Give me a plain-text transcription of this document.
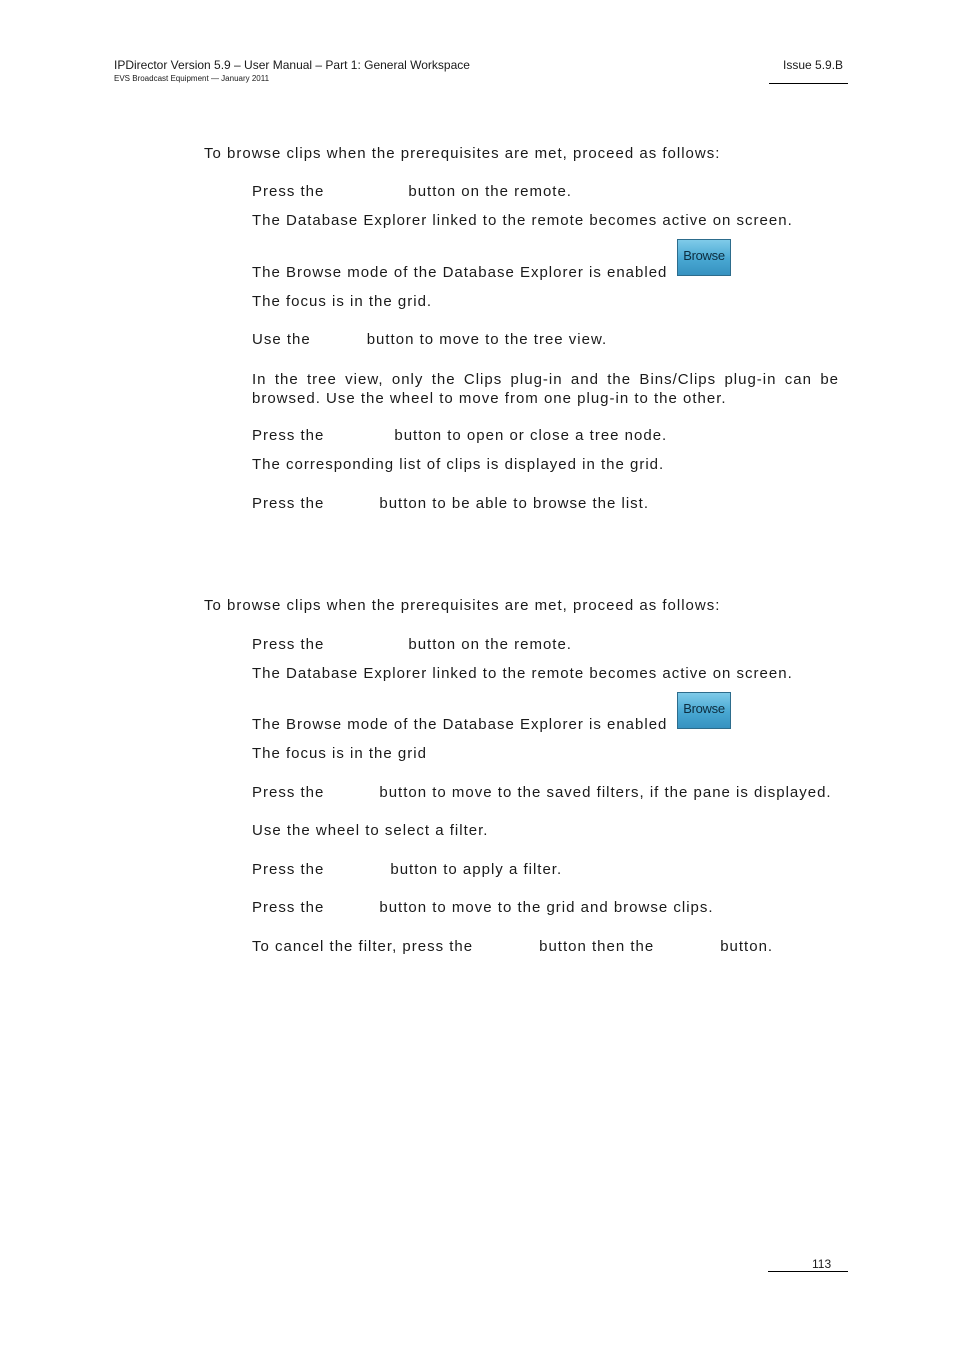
IPDirector Version 5.9 – User Manual – Part 1: General Workspace
EVS Broadcast Equipment — January 2011
Issue 5.9.B
To browse clips when the prerequisites are met, proceed as follows:
Press the	button on the remote.
The Database Explorer linked to the remote becomes active on screen.
The Browse mode of the Database Explorer is enabled
Browse
The focus is in the grid.
Use the	button to move to the tree view.
In the tree view, only the Clips plug-in and the Bins/Clips plug-in can be browsed. Use the wheel to move from one plug-in to the other.
Press the	button to open or close a tree node.
The corresponding list of clips is displayed in the grid.
Press the	button to be able to browse the list.
To browse clips when the prerequisites are met, proceed as follows:
Press the	button on the remote.
The Database Explorer linked to the remote becomes active on screen.
The Browse mode of the Database Explorer is enabled
Browse
The focus is in the grid
Press the	button to move to the saved filters, if the pane is displayed.
Use the wheel to select a filter.
Press the	button to apply a filter.
Press the	button to move to the grid and browse clips.
To cancel the filter, press the	button then the	button.
113
